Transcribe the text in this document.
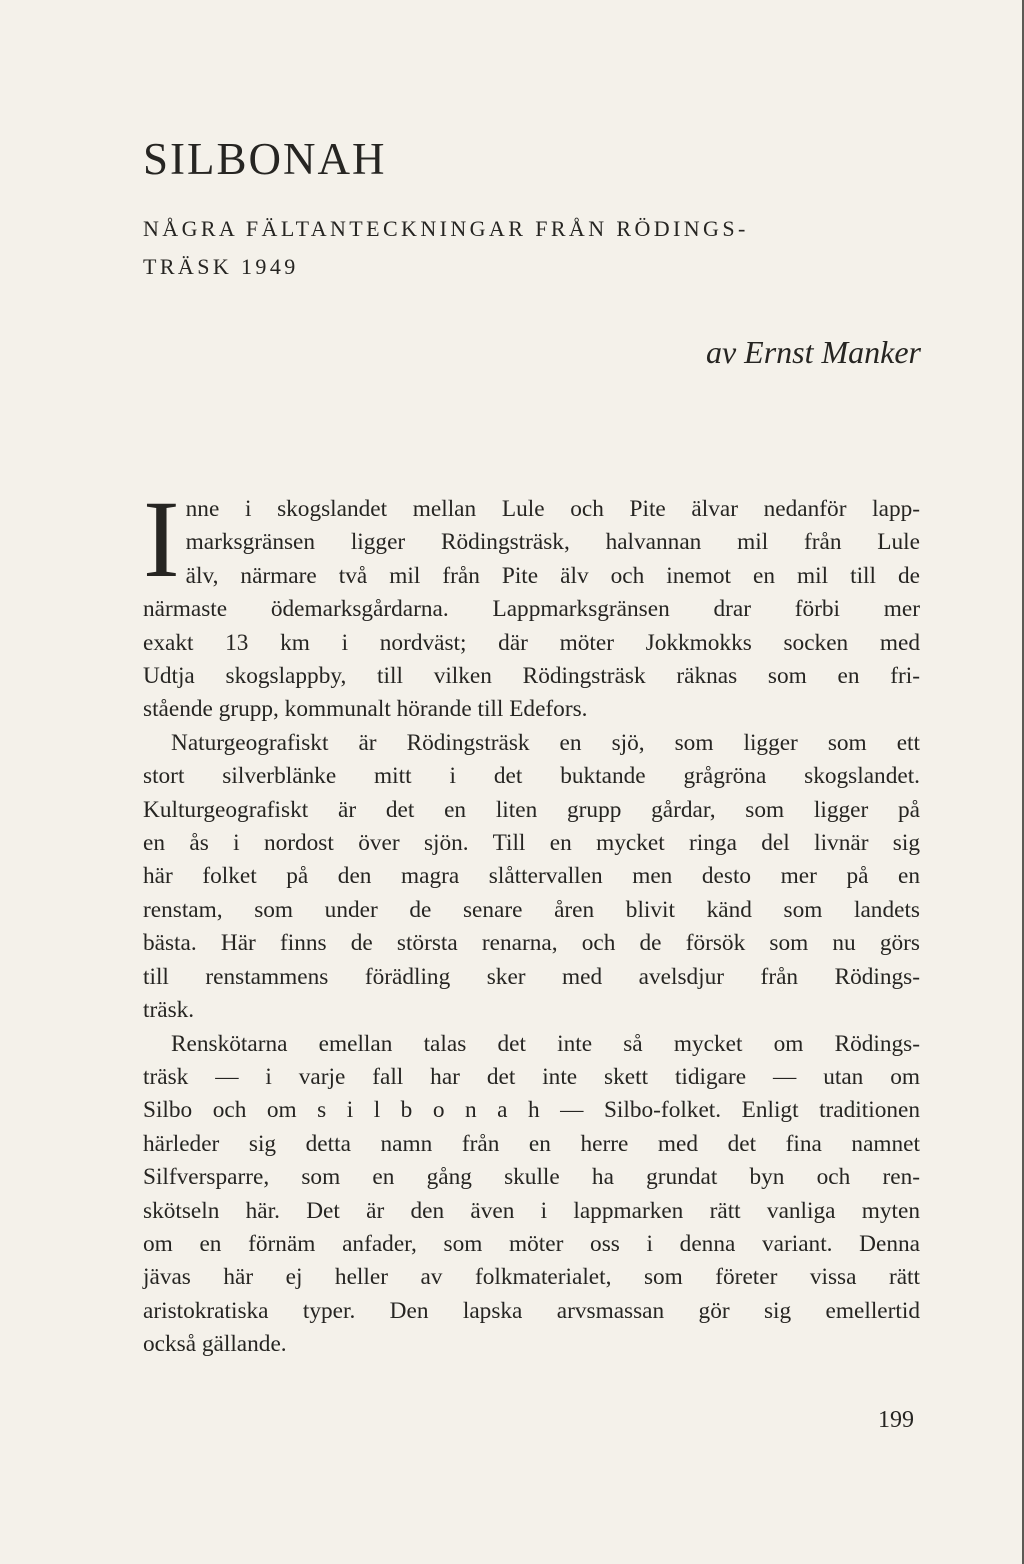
SILBONAH
NÅGRA FÄLTANTECKNINGAR FRÅN RÖDINGS-
TRÄSK 1949

av Ernst Manker

I nne i skogslandet mellan Lule och Pite älvar nedanför lapp-
marksgränsen ligger Rödingsträsk, halvannan mil från Lule
älv, närmare två mil från Pite älv och inemot en mil till de
närmaste ödemarksgårdarna. Lappmarksgränsen drar förbi mer
exakt 13 km i nordväst; där möter Jokkmokks socken med
Udtja skogslappby, till vilken Rödingsträsk räknas som en fri-
stående grupp, kommunalt hörande till Edefors.

Naturgeografiskt är Rödingsträsk en sjö, som ligger som ett
stort silverblänke mitt i det buktande grågröna skogslandet.
Kulturgeografiskt är det en liten grupp gårdar, som ligger på
en ås i nordost över sjön. Till en mycket ringa del livnär sig
här folket på den magra slåttervallen men desto mer på en
renstam, som under de senare åren blivit känd som landets
bästa. Här finns de största renarna, och de försök som nu görs
till renstammens förädling sker med avelsdjur från Rödings-
träsk.

Renskötarna emellan talas det inte så mycket om Rödings-
träsk — i varje fall har det inte skett tidigare — utan om
Silbo och om s i l b o n a h — Silbo-folket. Enligt traditionen
härleder sig detta namn från en herre med det fina namnet
Silfversparre, som en gång skulle ha grundat byn och ren-
skötseln här. Det är den även i lappmarken rätt vanliga myten
om en förnäm anfader, som möter oss i denna variant. Denna
jävas här ej heller av folkmaterialet, som företer vissa rätt
aristokratiska typer. Den lapska arvsmassan gör sig emellertid
också gällande.

199
